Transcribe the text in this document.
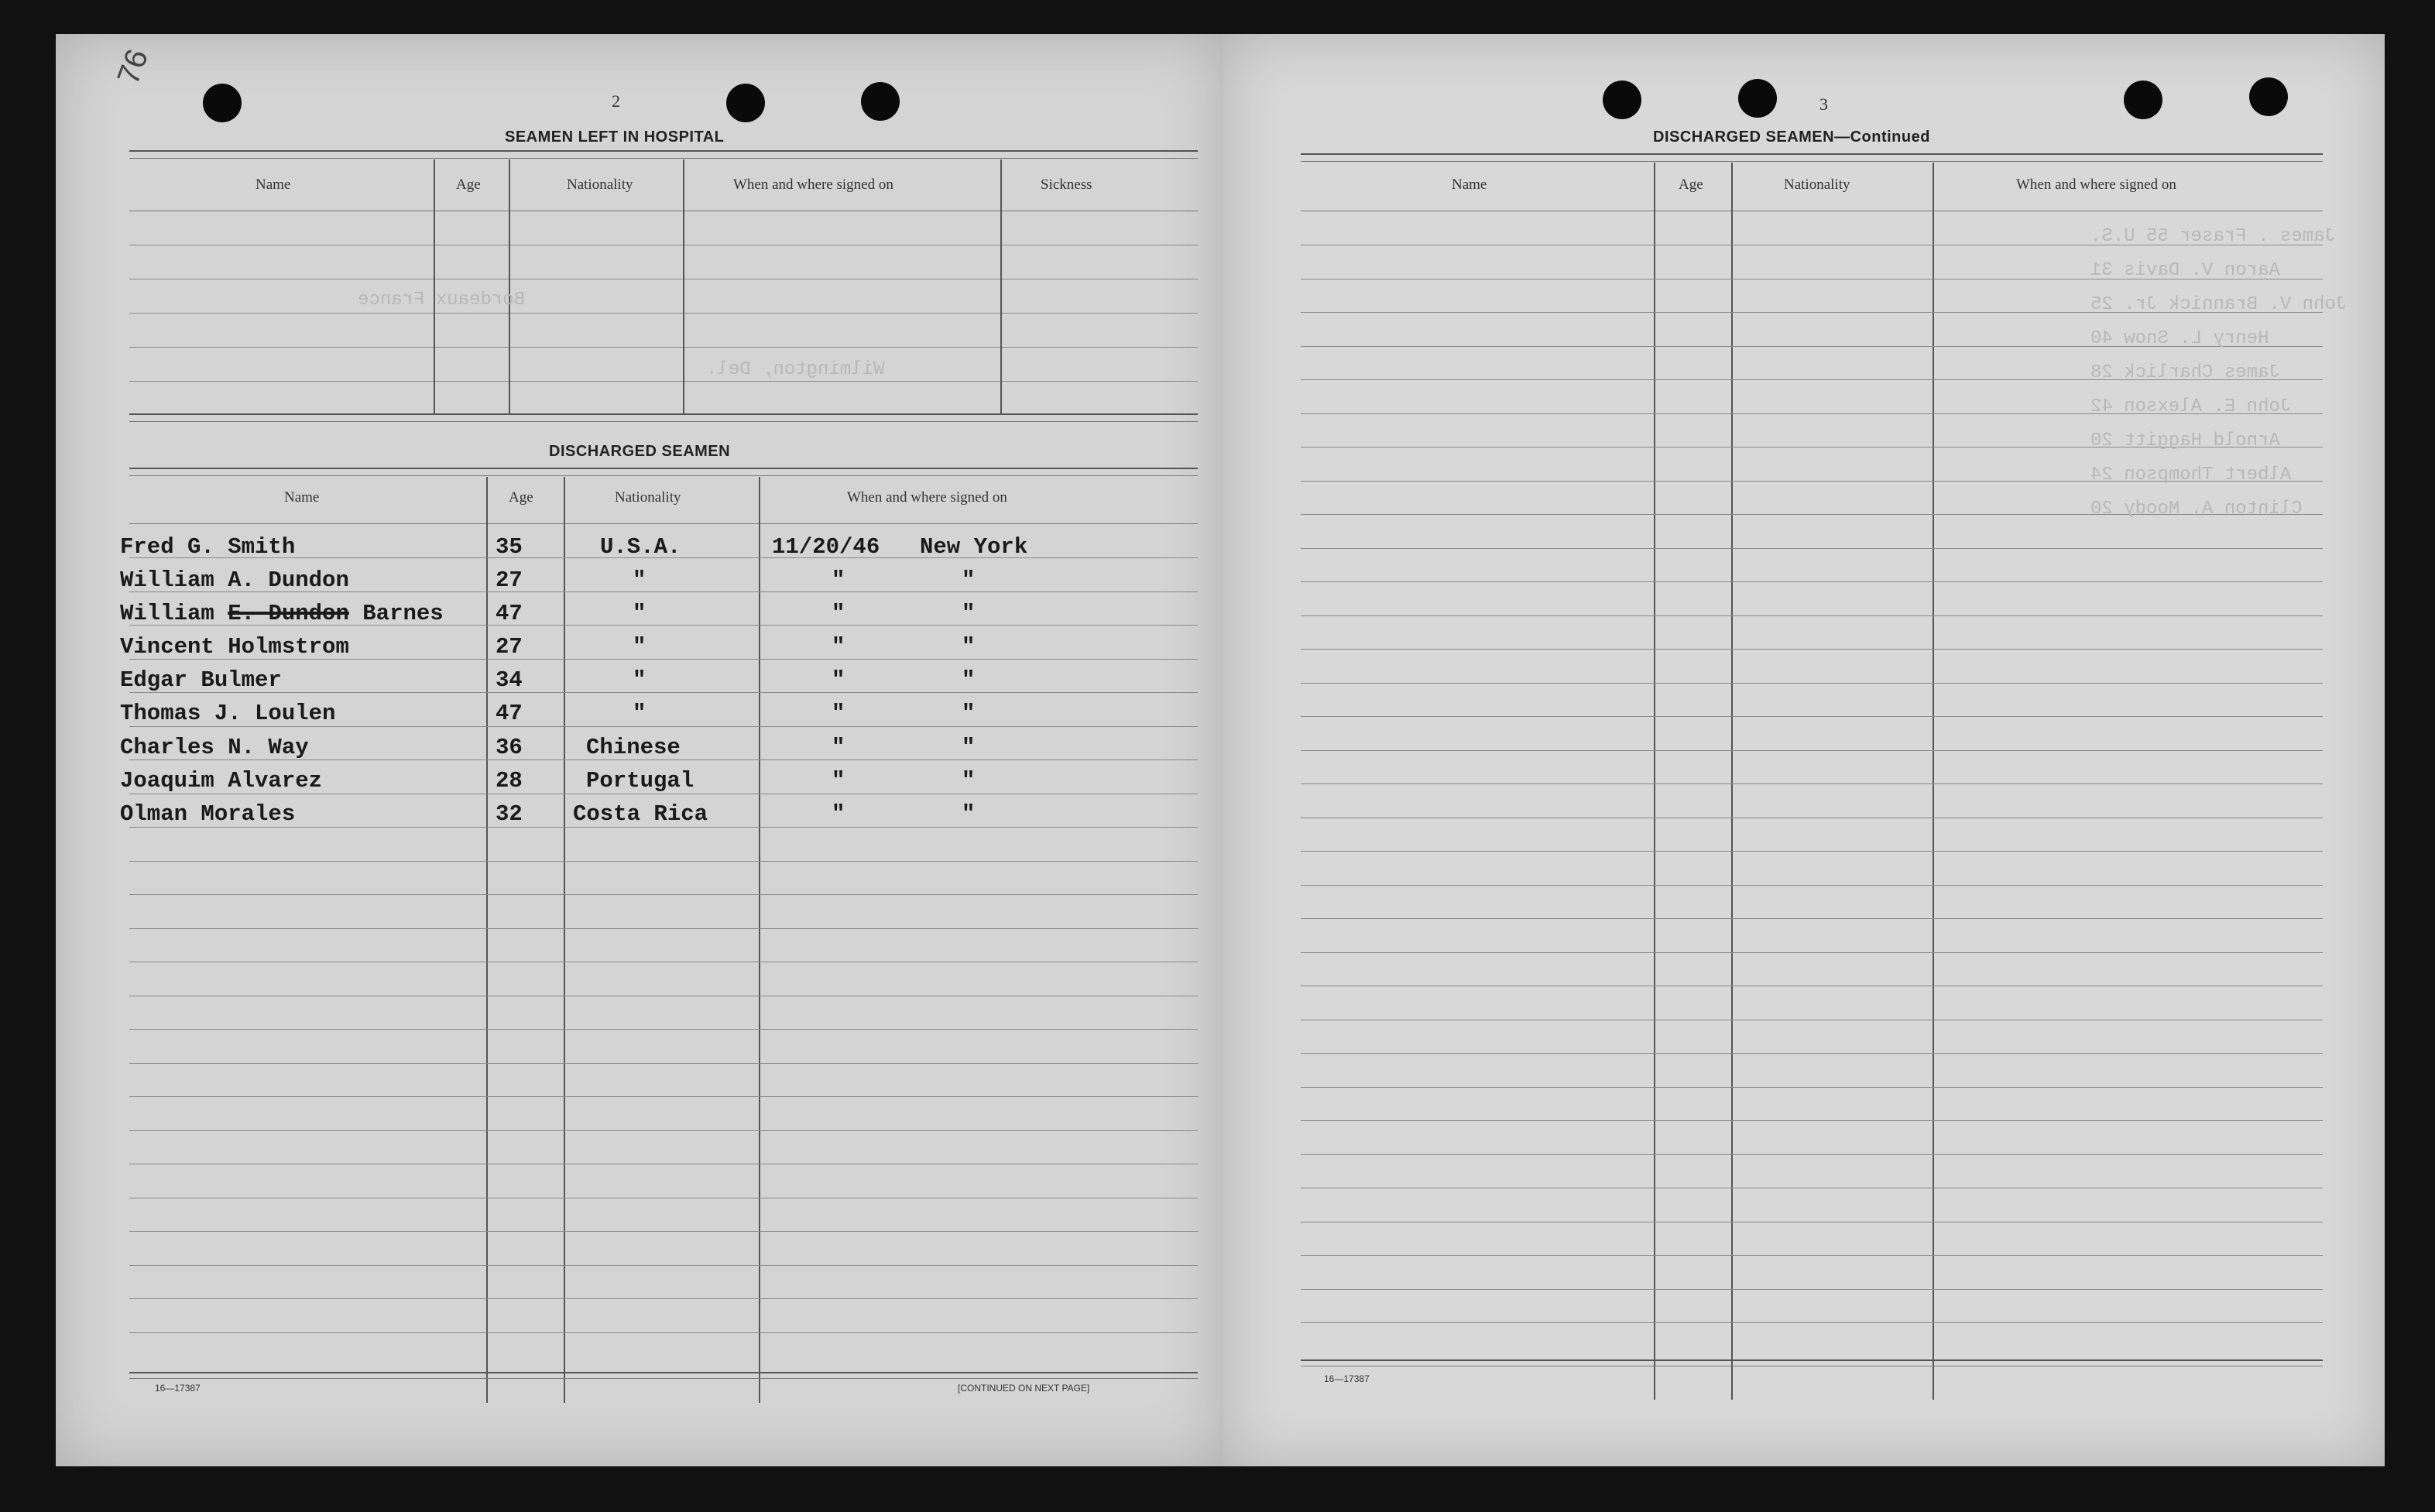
76
2
SEAMEN LEFT IN HOSPITAL
Name	Age	Nationality	When and where signed on	Sickness
Bordeaux France
Wilmington, Del.
DISCHARGED SEAMEN
Name	Age	Nationality	When and where signed on
Fred G. Smith	35	U.S.A.	11/20/46 New York
William A. Dundon	27	"	"	"
William E. Dundon Barnes 47	"	"	"
Vincent Holmstrom	27	"	"	"
Edgar Bulmer	34	"	"	"
Thomas J. Loulen	47	"	"	"
Charles N. Way	36	Chinese	"	"
Joaquim Alvarez	28	Portugal	"	"
Olman Morales	32 Costa Rica	"	"
16—17387	[CONTINUED ON NEXT PAGE]
3
DISCHARGED SEAMEN—Continued
Name	Age	Nationality	When and where signed on
James . Fraser 55 U.S.
Aaron V. Davis 31
John V. Brannick Jr. 25
Henry L. Snow 40
James Charlick 28
John E. Alexson 42
Arnold Haggitt 20
Albert Thompson 24
Clinton A. Moody 20
16—17387
